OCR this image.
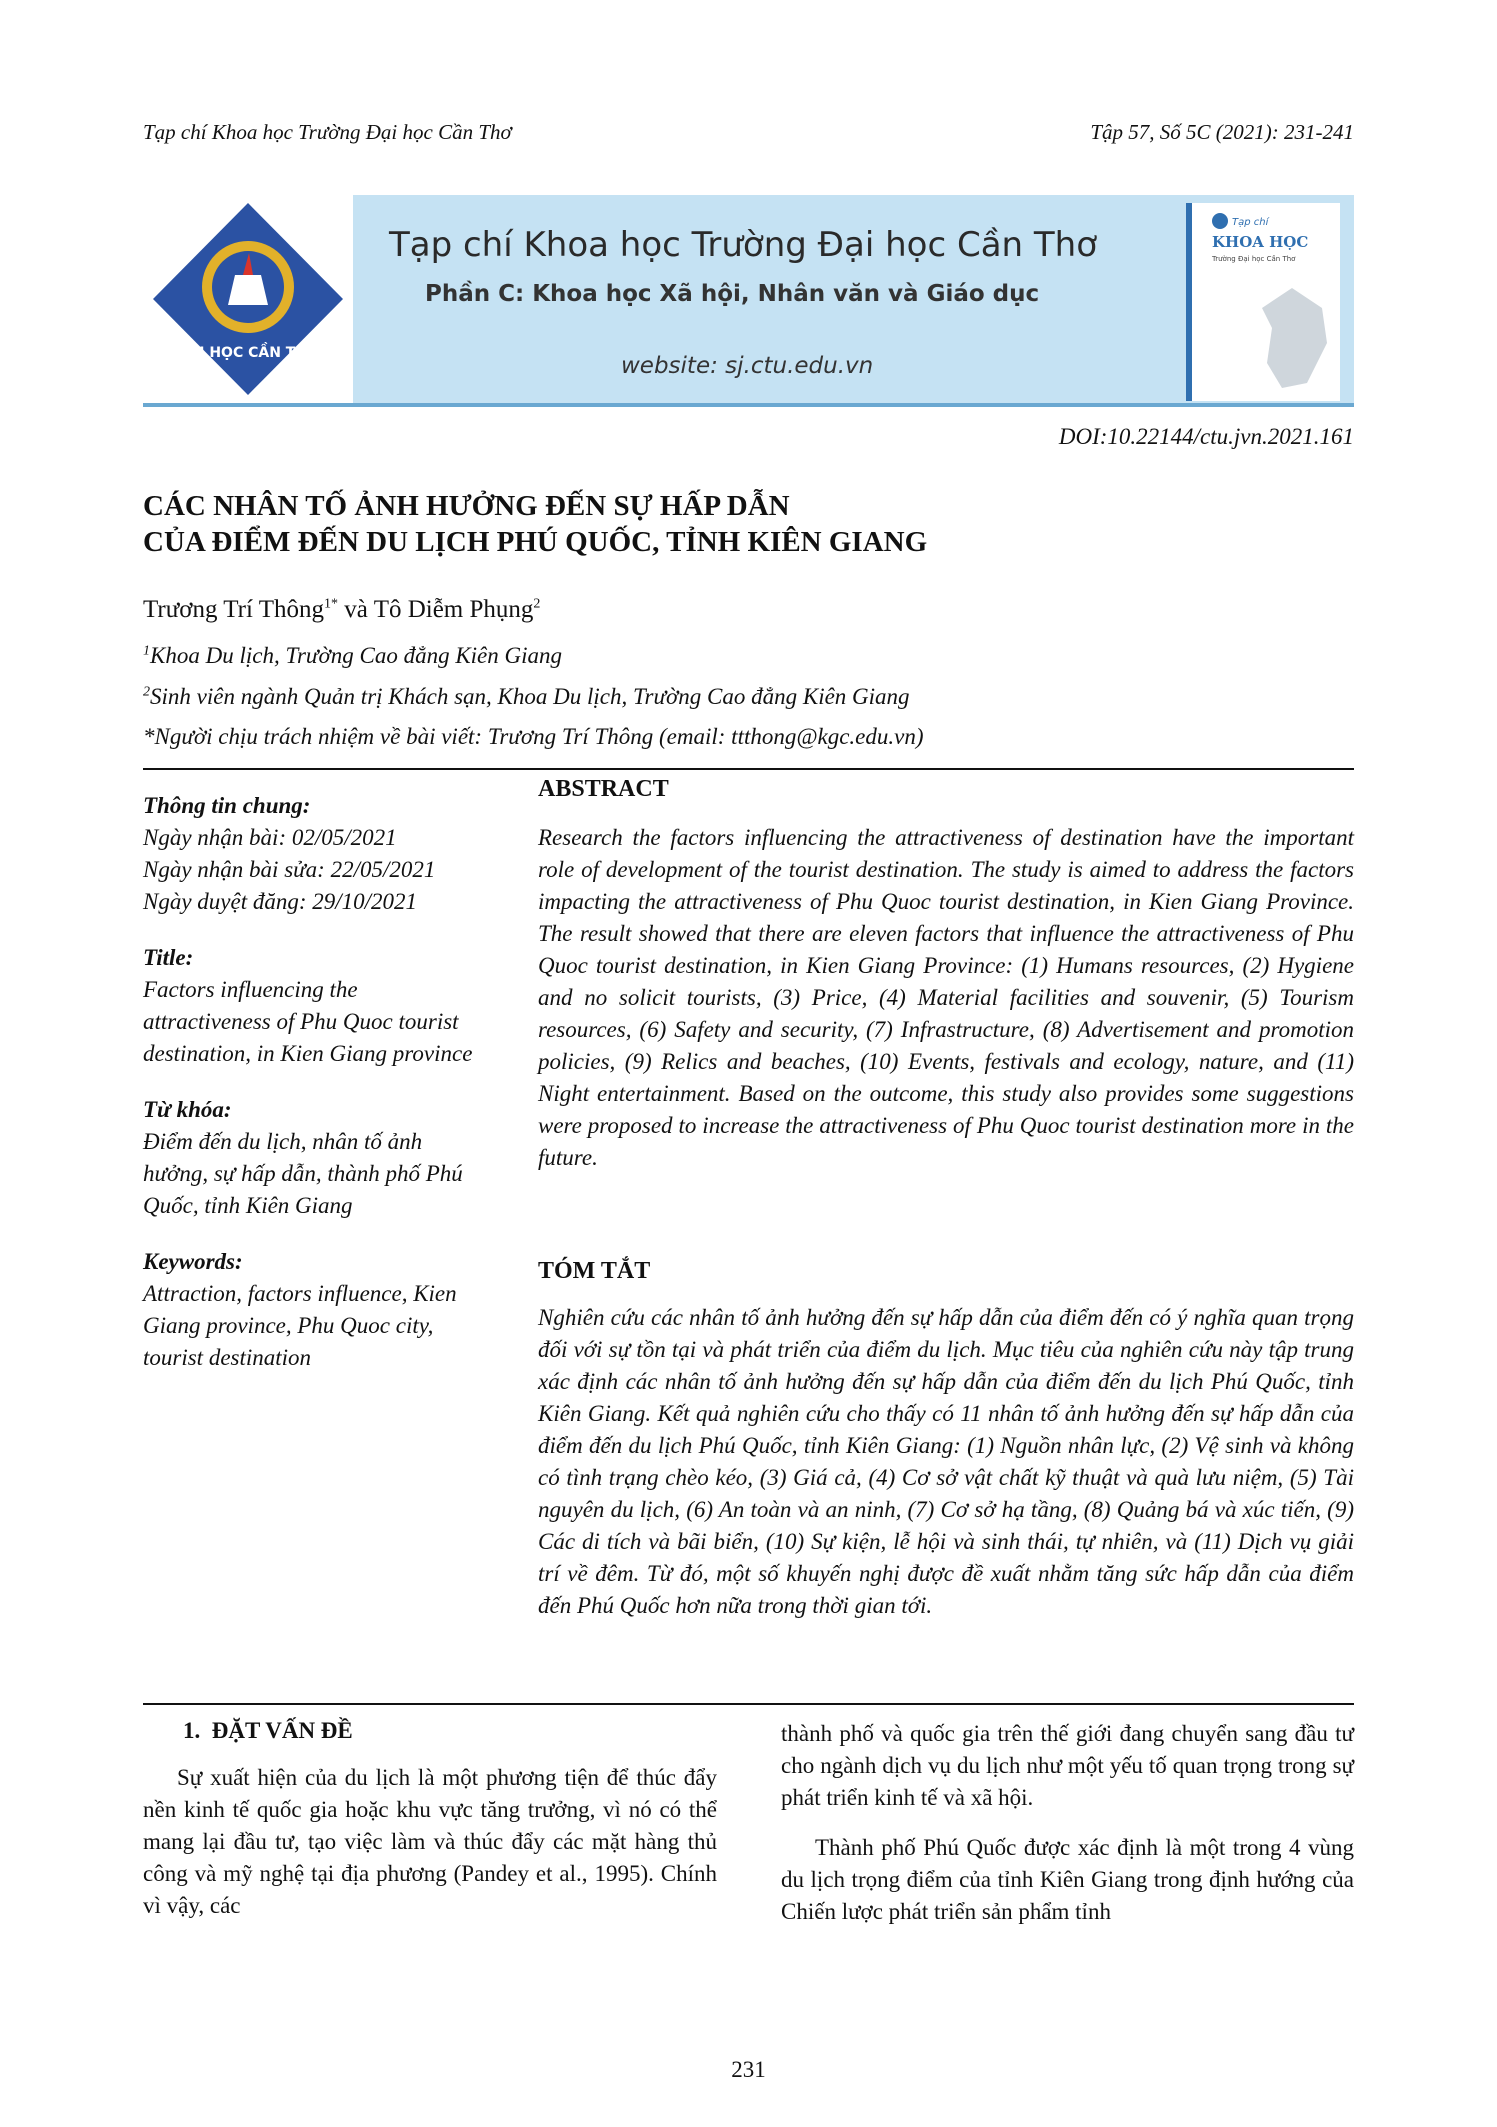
Tạp chí Khoa học Trường Đại học Cần Thơ	Tập 57, Số 5C (2021): 231-241
ĐẠI HỌC CẦN THƠ
Tạp chí Khoa học Trường Đại học Cần Thơ
Phần C: Khoa học Xã hội, Nhân văn và Giáo dục
website: sj.ctu.edu.vn
Tạp chí
KHOA HỌC
Trường Đại học Cần Thơ
DOI:10.22144/ctu.jvn.2021.161
CÁC NHÂN TỐ ẢNH HƯỞNG ĐẾN SỰ HẤP DẪN
CỦA ĐIỂM ĐẾN DU LỊCH PHÚ QUỐC, TỈNH KIÊN GIANG
Trương Trí Thông$^{1*}$ và Tô Diễm Phụng$^2$
$^1$Khoa Du lịch, Trường Cao đẳng Kiên Giang
$^2$Sinh viên ngành Quản trị Khách sạn, Khoa Du lịch, Trường Cao đẳng Kiên Giang
*Người chịu trách nhiệm về bài viết: Trương Trí Thông (email: ttthong@kgc.edu.vn)
Thông tin chung:
Ngày nhận bài: 02/05/2021
Ngày nhận bài sửa: 22/05/2021
Ngày duyệt đăng: 29/10/2021
Title:
Factors influencing the attractiveness of Phu Quoc tourist destination, in Kien Giang province
Từ khóa:
Điểm đến du lịch, nhân tố ảnh hưởng, sự hấp dẫn, thành phố Phú Quốc, tỉnh Kiên Giang
Keywords:
Attraction, factors influence, Kien Giang province, Phu Quoc city, tourist destination
ABSTRACT
Research the factors influencing the attractiveness of destination have the important role of development of the tourist destination. The study is aimed to address the factors impacting the attractiveness of Phu Quoc tourist destination, in Kien Giang Province. The result showed that there are eleven factors that influence the attractiveness of Phu Quoc tourist destination, in Kien Giang Province: (1) Humans resources, (2) Hygiene and no solicit tourists, (3) Price, (4) Material facilities and souvenir, (5) Tourism resources, (6) Safety and security, (7) Infrastructure, (8) Advertisement and promotion policies, (9) Relics and beaches, (10) Events, festivals and ecology, nature, and (11) Night entertainment. Based on the outcome, this study also provides some suggestions were proposed to increase the attractiveness of Phu Quoc tourist destination more in the future.
TÓM TẮT
Nghiên cứu các nhân tố ảnh hưởng đến sự hấp dẫn của điểm đến có ý nghĩa quan trọng đối với sự tồn tại và phát triển của điểm du lịch. Mục tiêu của nghiên cứu này tập trung xác định các nhân tố ảnh hưởng đến sự hấp dẫn của điểm đến du lịch Phú Quốc, tỉnh Kiên Giang. Kết quả nghiên cứu cho thấy có 11 nhân tố ảnh hưởng đến sự hấp dẫn của điểm đến du lịch Phú Quốc, tỉnh Kiên Giang: (1) Nguồn nhân lực, (2) Vệ sinh và không có tình trạng chèo kéo, (3) Giá cả, (4) Cơ sở vật chất kỹ thuật và quà lưu niệm, (5) Tài nguyên du lịch, (6) An toàn và an ninh, (7) Cơ sở hạ tầng, (8) Quảng bá và xúc tiến, (9) Các di tích và bãi biển, (10) Sự kiện, lễ hội và sinh thái, tự nhiên, và (11) Dịch vụ giải trí về đêm. Từ đó, một số khuyến nghị được đề xuất nhằm tăng sức hấp dẫn của điểm đến Phú Quốc hơn nữa trong thời gian tới.
1.  ĐẶT VẤN ĐỀ
Sự xuất hiện của du lịch là một phương tiện để thúc đẩy nền kinh tế quốc gia hoặc khu vực tăng trưởng, vì nó có thể mang lại đầu tư, tạo việc làm và thúc đẩy các mặt hàng thủ công và mỹ nghệ tại địa phương (Pandey et al., 1995). Chính vì vậy, các
thành phố và quốc gia trên thế giới đang chuyển sang đầu tư cho ngành dịch vụ du lịch như một yếu tố quan trọng trong sự phát triển kinh tế và xã hội.
Thành phố Phú Quốc được xác định là một trong 4 vùng du lịch trọng điểm của tỉnh Kiên Giang trong định hướng của Chiến lược phát triển sản phẩm tỉnh
231
